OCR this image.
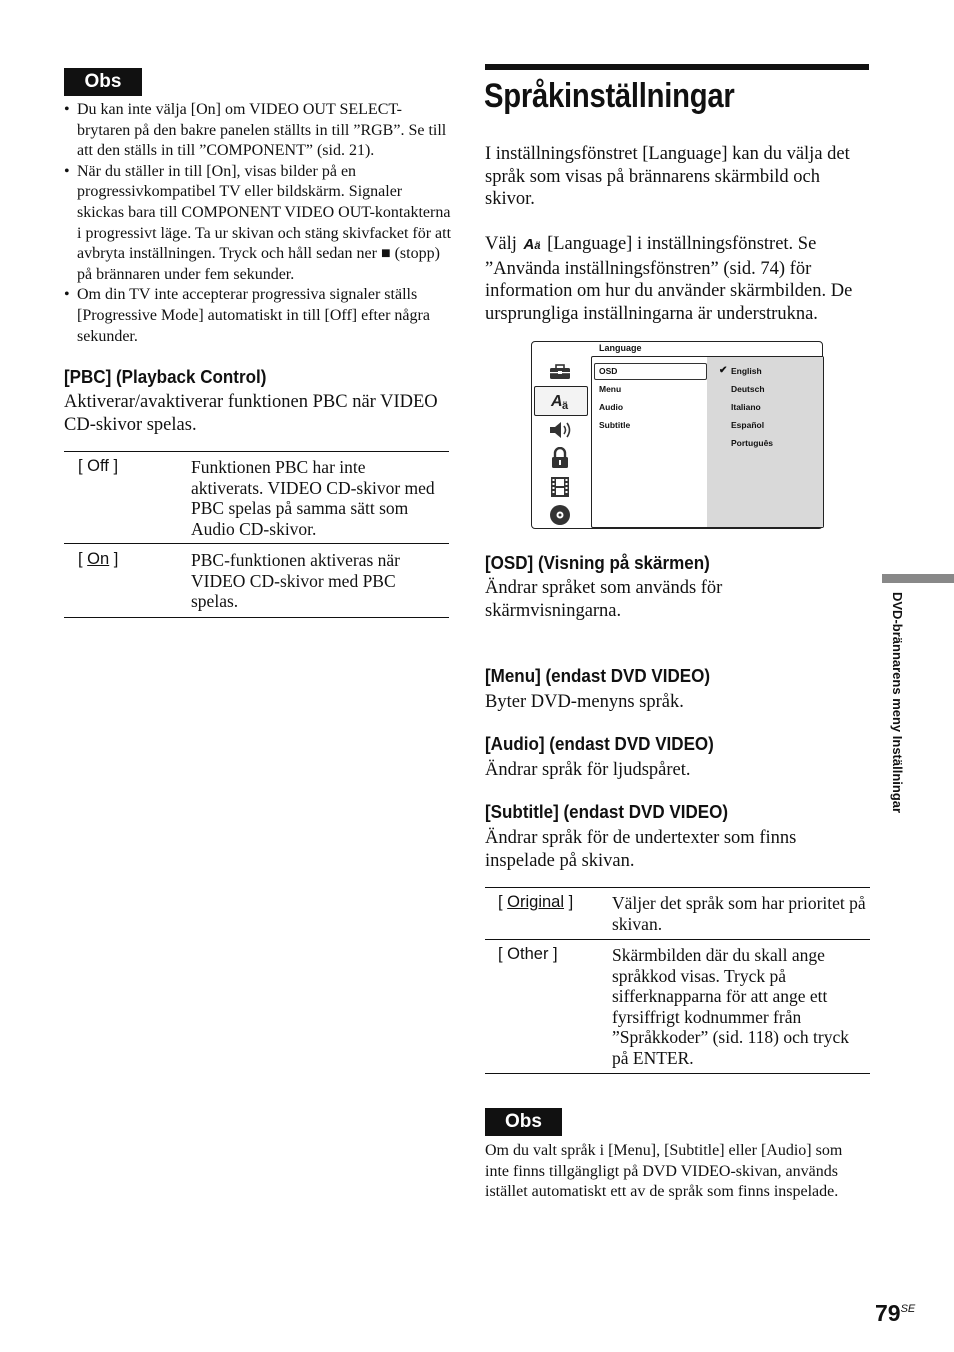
Obs
• Du kan inte välja [On] om VIDEO OUT SELECT-brytaren på den bakre panelen ställts in till ”RGB”. Se till att den ställs in till ”COMPONENT” (sid. 21).
• När du ställer in till [On], visas bilder på en progressivkompatibel TV eller bildskärm. Signaler skickas bara till COMPONENT VIDEO OUT-kontakterna i progressivt läge. Ta ur skivan och stäng skivfacket för att avbryta inställningen. Tryck och håll sedan ner ■ (stopp) på brännaren under fem sekunder.
• Om din TV inte accepterar progressiva signaler ställs [Progressive Mode] automatiskt in till [Off] efter några sekunder.
[PBC] (Playback Control)
Aktiverar/avaktiverar funktionen PBC när VIDEO CD-skivor spelas.
[ Off ]	Funktionen PBC har inte aktiverats. VIDEO CD-skivor med PBC spelas på samma sätt som Audio CD-skivor.
[ On ]	PBC-funktionen aktiveras när VIDEO CD-skivor med PBC spelas.
Språkinställningar
I inställningsfönstret [Language] kan du välja det språk som visas på brännarens skärmbild och skivor.
Välj Aä [Language] i inställningsfönstret. Se ”Använda inställningsfönstren” (sid. 74) för information om hur du använder skärmbilden. De ursprungliga inställningarna är understrukna.
A ä
Language
OSD
Menu
Audio
Subtitle
✔ English
Deutsch
Italiano
Español
Português
[OSD] (Visning på skärmen)
Ändrar språket som används för skärmvisningarna.
[Menu] (endast DVD VIDEO)
Byter DVD-menyns språk.
[Audio] (endast DVD VIDEO)
Ändrar språk för ljudspåret.
[Subtitle] (endast DVD VIDEO)
Ändrar språk för de undertexter som finns inspelade på skivan.
[ Original ] Väljer det språk som har prioritet på skivan.
[ Other ]	Skärmbilden där du skall ange språkkod visas. Tryck på sifferknapparna för att ange ett fyrsiffrigt kodnummer från ”Språkkoder” (sid. 118) och tryck på ENTER.
Obs
Om du valt språk i [Menu], [Subtitle] eller [Audio] som inte finns tillgängligt på DVD VIDEO-skivan, används istället automatiskt ett av de språk som finns inspelade.
DVD-brännarens meny Inställningar
$79^{SE}$
